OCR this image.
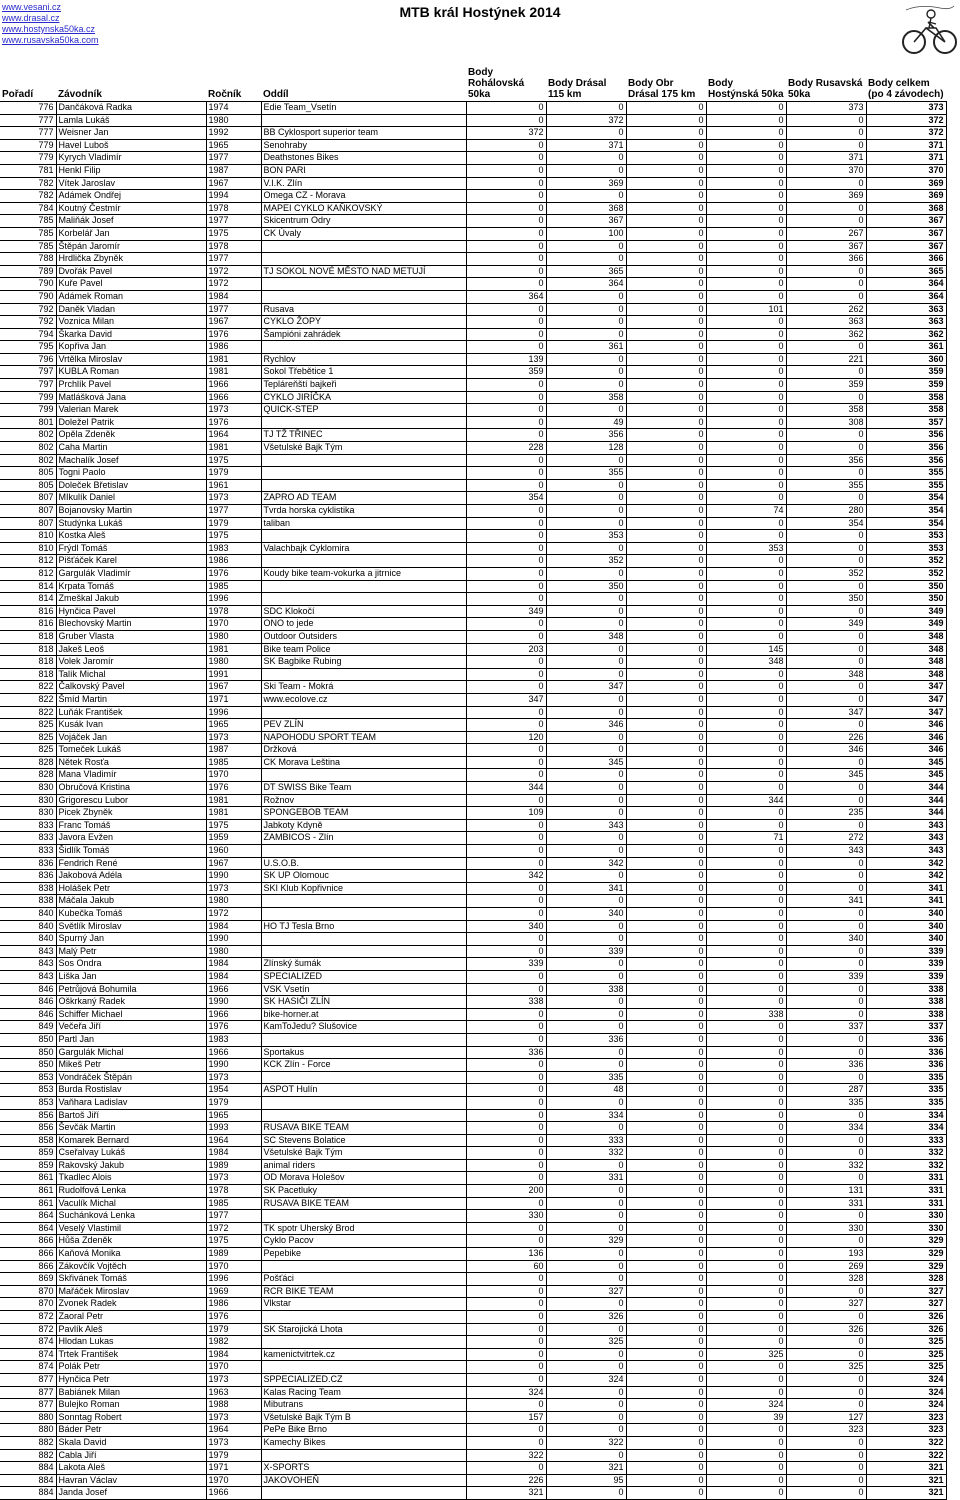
www.vesani.cz
www.drasal.cz
www.hostynska50ka.cz
www.rusavska50ka.com
MTB král Hostýnek 2014
Pořadí	Závodník	Ročník	Oddíl	Body Rohálovská 50ka	Body Drásal 115 km	Body Obr Drásal 175 km	Body Hostýnská 50ka	Body Rusavská 50ka	Body celkem (po 4 závodech)
776	Dančáková Radka	1974	Edie Team_Vsetín	0	0	0	0	373	373
777	Lamla Lukáš	1980		0	372	0	0	0	372
777	Weisner Jan	1992	BB Cyklosport superior team	372	0	0	0	0	372
779	Havel Luboš	1965	Senohraby	0	371	0	0	0	371
779	Kyrych Vladimír	1977	Deathstones Bikes	0	0	0	0	371	371
781	Henkl Filip	1987	BON PARI	0	0	0	0	370	370
782	Vítek Jaroslav	1967	V.I.K. Zlín	0	369	0	0	0	369
782	Adámek Ondřej	1994	Omega CZ - Morava	0	0	0	0	369	369
784	Koutný Čestmír	1978	MAPEI CYKLO KAŇKOVSKÝ	0	368	0	0	0	368
785	Maliňák Josef	1977	Skicentrum Odry	0	367	0	0	0	367
785	Korbelář Jan	1975	CK Úvaly	0	100	0	0	267	367
785	Štěpán Jaromír	1978		0	0	0	0	367	367
788	Hrdlička Zbyněk	1977		0	0	0	0	366	366
789	Dvořák Pavel	1972	TJ SOKOL NOVÉ MĚSTO NAD METUJÍ	0	365	0	0	0	365
790	Kuře Pavel	1972		0	364	0	0	0	364
790	Adámek Roman	1984		364	0	0	0	0	364
792	Daněk Vladan	1977	Rusava	0	0	0	101	262	363
792	Voznica Milan	1967	CYKLO ŽOPY	0	0	0	0	363	363
794	Škarka David	1976	Šampióni zahrádek	0	0	0	0	362	362
795	Kopřiva Jan	1986		0	361	0	0	0	361
796	Vrtělka Miroslav	1981	Rychlov	139	0	0	0	221	360
797	KUBLA Roman	1981	Sokol Třebětice 1	359	0	0	0	0	359
797	Prchlík Pavel	1966	Tepláreňští bajkeři	0	0	0	0	359	359
799	Matlášková Jana	1966	CYKLO JIRÍČKA	0	358	0	0	0	358
799	Valerian Marek	1973	QUICK-STEP	0	0	0	0	358	358
801	Doležel Patrik	1976		0	49	0	0	308	357
802	Opěla Zdeněk	1964	TJ TŽ TŘINEC	0	356	0	0	0	356
802	Caha Martin	1981	Všetulské Bajk Tým	228	128	0	0	0	356
802	Machalík Josef	1975		0	0	0	0	356	356
805	Togni Paolo	1979		0	355	0	0	0	355
805	Doleček Břetislav	1961		0	0	0	0	355	355
807	MIkulík Daniel	1973	ZAPRO AD TEAM	354	0	0	0	0	354
807	Bojanovsky Martin	1977	Tvrda horska cyklistika	0	0	0	74	280	354
807	Studýnka Lukáš	1979	taliban	0	0	0	0	354	354
810	Kostka Aleš	1975		0	353	0	0	0	353
810	Frýdl Tomáš	1983	Valachbajk Cyklomira	0	0	0	353	0	353
812	Pišťáček Karel	1986		0	352	0	0	0	352
812	Gargulák Vladimír	1976	Koudy bike team-vokurka a jitrnice	0	0	0	0	352	352
814	Krpata Tomáš	1985		0	350	0	0	0	350
814	Zmeškal Jakub	1996		0	0	0	0	350	350
816	Hynčica Pavel	1978	SDC Klokočí	349	0	0	0	0	349
816	Blechovský Martin	1970	ONO to jede	0	0	0	0	349	349
818	Gruber Vlasta	1980	Outdoor Outsiders	0	348	0	0	0	348
818	Jakeš Leoš	1981	Bike team Police	203	0	0	145	0	348
818	Volek Jaromír	1980	SK Bagbike Rubing	0	0	0	348	0	348
818	Talík Michal	1991		0	0	0	0	348	348
822	Čalkovský Pavel	1967	Ski Team - Mokrá	0	347	0	0	0	347
822	Šmíd Martin	1971	www.ecolove.cz	347	0	0	0	0	347
822	Luňák František	1996		0	0	0	0	347	347
825	Kusák Ivan	1965	PEV ZLÍN	0	346	0	0	0	346
825	Vojáček Jan	1973	NAPOHODU SPORT TEAM	120	0	0	0	226	346
825	Tomeček Lukáš	1987	Držková	0	0	0	0	346	346
828	Nětek Rosťa	1985	CK Morava Leština	0	345	0	0	0	345
828	Mana Vladimír	1970		0	0	0	0	345	345
830	Obručová Kristina	1976	DT SWISS Bike Team	344	0	0	0	0	344
830	Grigorescu Lubor	1981	Rožnov	0	0	0	344	0	344
830	Picek Zbyněk	1981	SPONGEBOB TEAM	109	0	0	0	235	344
833	Franc Tomáš	1975	Jabkoty Kdyně	0	343	0	0	0	343
833	Javora Evžen	1959	ZAMBICOS - Zlín	0	0	0	71	272	343
833	Šidlík Tomáš	1960		0	0	0	0	343	343
836	Fendrich René	1967	U.S.O.B.	0	342	0	0	0	342
836	Jakobová Adéla	1990	SK UP Olomouc	342	0	0	0	0	342
838	Holášek Petr	1973	SKI Klub Kopřivnice	0	341	0	0	0	341
838	Máčala Jakub	1980		0	0	0	0	341	341
840	Kubečka Tomáš	1972		0	340	0	0	0	340
840	Světlík Miroslav	1984	HO TJ Tesla Brno	340	0	0	0	0	340
840	Spurný Jan	1990		0	0	0	0	340	340
843	Malý Petr	1980		0	339	0	0	0	339
843	Sos Ondra	1984	Zlínský šumák	339	0	0	0	0	339
843	Liška Jan	1984	SPECIALIZED	0	0	0	0	339	339
846	Petrůjová Bohumila	1966	VSK Vsetín	0	338	0	0	0	338
846	Oškrkaný Radek	1990	SK HASIČI ZLÍN	338	0	0	0	0	338
846	Schiffer Michael	1966	bike-horner.at	0	0	0	338	0	338
849	Večeřa Jiří	1976	KamToJedu? Slušovice	0	0	0	0	337	337
850	Partl Jan	1983		0	336	0	0	0	336
850	Gargulák Michal	1966	Sportakus	336	0	0	0	0	336
850	Mikeš Petr	1990	KCK Zlín - Force	0	0	0	0	336	336
853	Vondráček Štěpán	1973		0	335	0	0	0	335
853	Burda Rostislav	1954	ASPOT Hulín	0	48	0	0	287	335
853	Vaňhara Ladislav	1979		0	0	0	0	335	335
856	Bartoš Jiří	1965		0	334	0	0	0	334
856	Ševčák Martin	1993	RUSAVA BIKE TEAM	0	0	0	0	334	334
858	Komarek Bernard	1964	SC Stevens Bolatice	0	333	0	0	0	333
859	Cseřalvay Lukáš	1984	Všetulské Bajk Tým	0	332	0	0	0	332
859	Rakovský Jakub	1989	animal riders	0	0	0	0	332	332
861	Tkadlec Alois	1973	OD Morava Holešov	0	331	0	0	0	331
861	Rudolfová Lenka	1978	SK Pacetluky	200	0	0	0	131	331
861	Vaculík Michal	1985	RUSAVA BIKE TEAM	0	0	0	0	331	331
864	Suchánková Lenka	1977		330	0	0	0	0	330
864	Veselý Vlastimil	1972	TK spotr Uherský Brod	0	0	0	0	330	330
866	Hůša Zdeněk	1975	Cyklo Pacov	0	329	0	0	0	329
866	Kaňová Monika	1989	Pepebike	136	0	0	0	193	329
866	Zákovčík Vojtěch	1970		60	0	0	0	269	329
869	Skřivánek Tomáš	1996	Pošťáci	0	0	0	0	328	328
870	Mařáček Miroslav	1969	RCR BIKE TEAM	0	327	0	0	0	327
870	Zvonek Radek	1986	Vlkstar	0	0	0	0	327	327
872	Zaoral Petr	1976		0	326	0	0	0	326
872	Pavlík Aleš	1979	SK Starojická Lhota	0	0	0	0	326	326
874	Hlodan Lukas	1982		0	325	0	0	0	325
874	Trtek František	1984	kamenictvitrtek.cz	0	0	0	325	0	325
874	Polák Petr	1970		0	0	0	0	325	325
877	Hynčica Petr	1973	SPPECIALIZED.CZ	0	324	0	0	0	324
877	Babiánek Milan	1963	Kalas Racing Team	324	0	0	0	0	324
877	Bulejko Roman	1988	Mibutrans	0	0	0	324	0	324
880	Sonntag Robert	1973	Všetulské Bajk Tým B	157	0	0	39	127	323
880	Báder Petr	1964	PePe Bike Brno	0	0	0	0	323	323
882	Skala David	1973	Kamechy Bikes	0	322	0	0	0	322
882	Cabla Jiří	1979		322	0	0	0	0	322
884	Lakota Aleš	1971	X-SPORTS	0	321	0	0	0	321
884	Havran Václav	1970	JAKOVOHEŇ	226	95	0	0	0	321
884	Janda Josef	1966		321	0	0	0	0	321
